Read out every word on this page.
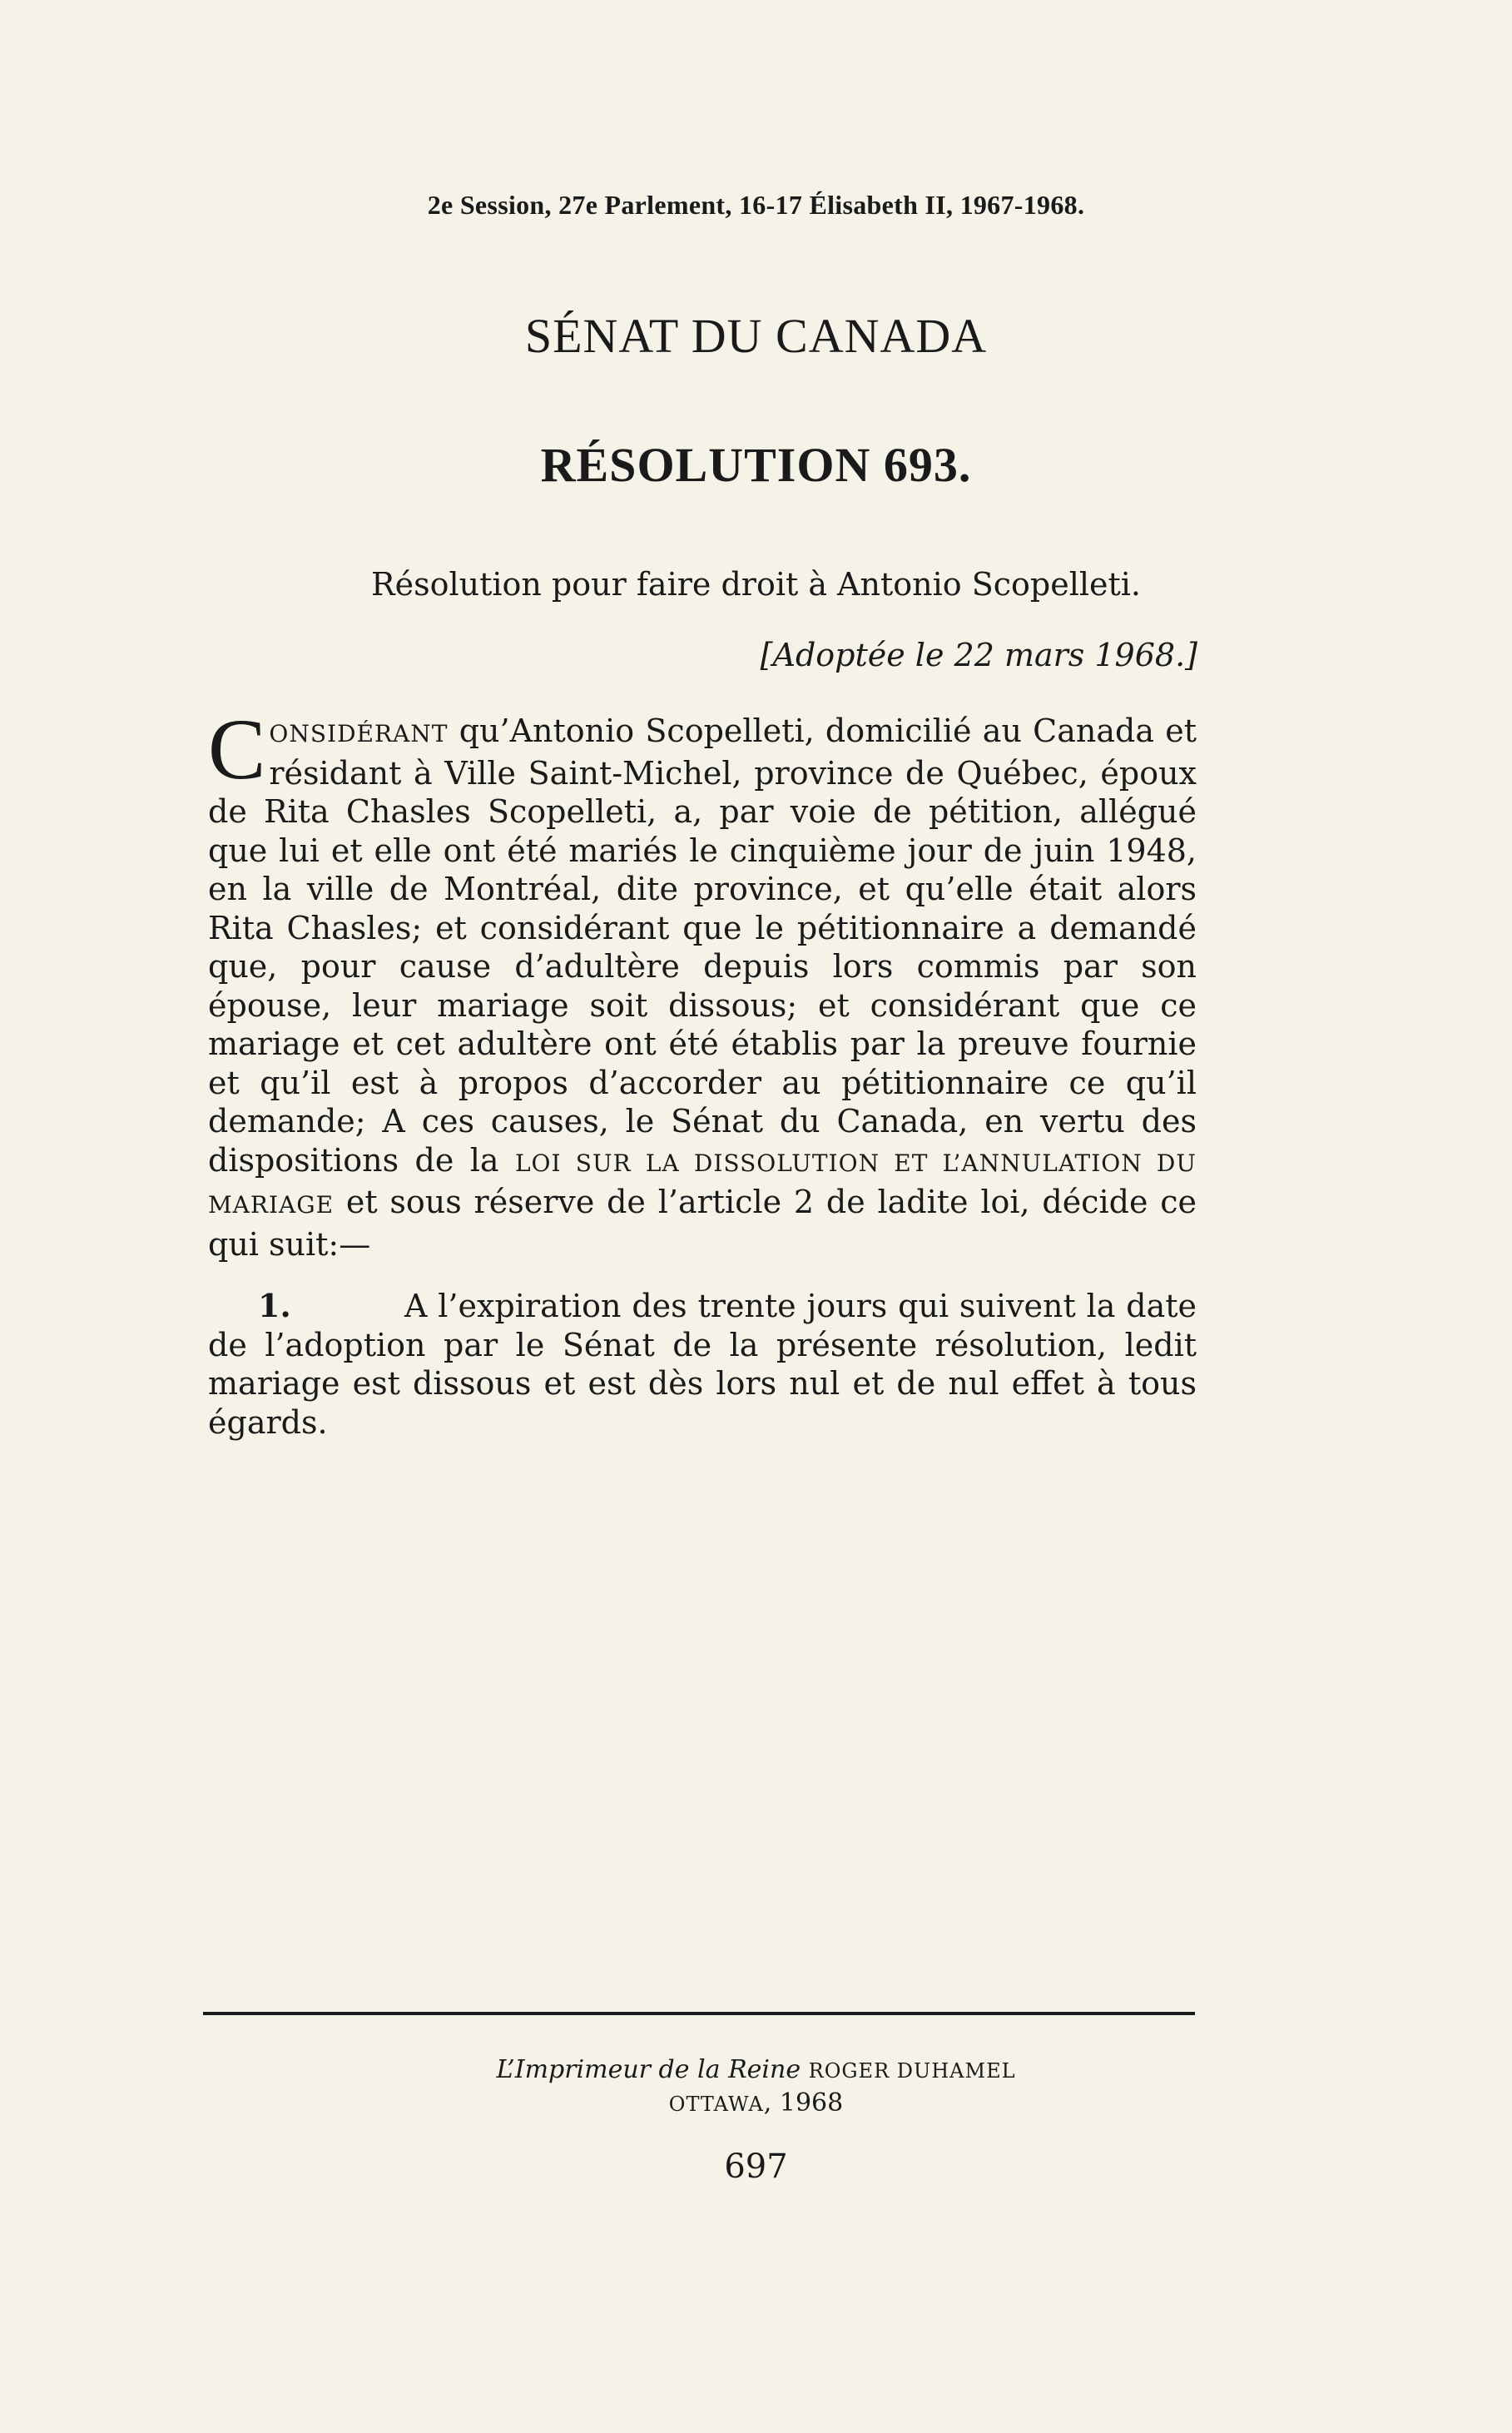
2e Session, 27e Parlement, 16-17 Élisabeth II, 1967-1968.
SÉNAT DU CANADA
RÉSOLUTION 693.
Résolution pour faire droit à Antonio Scopelleti.
[Adoptée le 22 mars 1968.]
CONSIDÉRANT qu’Antonio Scopelleti, domicilié au Canada et résidant à Ville Saint-Michel, province de Québec, époux de Rita Chasles Scopelleti, a, par voie de pétition, allégué que lui et elle ont été mariés le cinquième jour de juin 1948, en la ville de Montréal, dite province, et qu’elle était alors Rita Chasles; et considérant que le pétitionnaire a demandé que, pour cause d’adultère depuis lors commis par son épouse, leur mariage soit dissous; et considérant que ce mariage et cet adultère ont été établis par la preuve fournie et qu’il est à propos d’accorder au pétitionnaire ce qu’il demande; A ces causes, le Sénat du Canada, en vertu des dispositions de la LOI SUR LA DISSOLUTION ET L’ANNULATION DU MARIAGE et sous réserve de l’article 2 de ladite loi, décide ce qui suit:—
1.	A l’expiration des trente jours qui suivent la date de l’adoption par le Sénat de la présente résolution, ledit mariage est dissous et est dès lors nul et de nul effet à tous égards.
L’Imprimeur de la Reine ROGER DUHAMEL
OTTAWA, 1968
697
